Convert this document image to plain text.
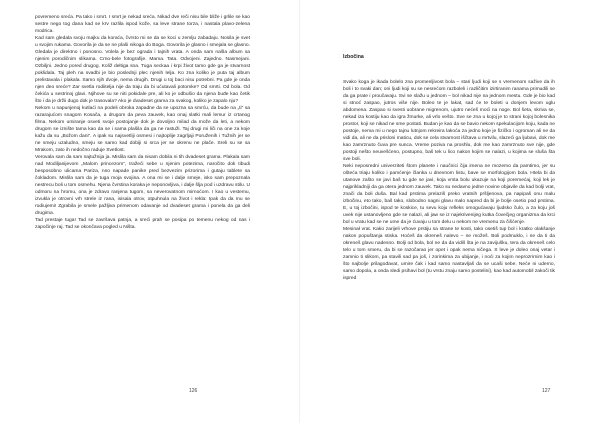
povremeno sreća. Pa tako i smrt. I smrt je nekad sreća. Nikad dve reči nisu bile bliže i grlile se kao sestre nego tog dana kad se krv razlila ispod kože, sa leve strane torza, i nastala plavo-zelena modrica.

Kad sam gledala svoju majku da koraća, čvrsto mi se da se koci u zemlju zabadaju. Nosila je svet u svojim rukama. Govorila je da se ne plaši nikoga do Boga. Govorila je glasno i smejala se glasno. Gledala je direktno i ponosno. Volela je bez ograda i tajnih vrata. A onda sam našla album sa njenim porodičnim slikama. Crno-bele fotografije. Mama. Tata. Odvojeni. Zajedno. Nasmejani. Ozbiljni. Jedno pored drugog. Koliž deltiga sna. Tuga seckaa i krpi život tamo gde ga je stvarnost poklidala. Taj pleh na svadbi je bio poslednji plec njenih lelja. Ko zna koliko je puta taj album prelistavala i plakala. Samo njih dvoje, nema drugih. Drugi u toj baci nisu potrebni. Pa gde je onda njen deo sreće? Zar svetla rodiitelja nije da traju da bi ućutavali potomke? Od smrti. Od bola. Od čekića u sestrinoj glavi. Njihove su se niti pokidale pre, ali ko je odbušio da njena buđe kao četik što i da je držii dugo dok je trasovala? Ako je dvadeset grama za svakog, koliko je zapalo nju?

Nekom u napunjenoj kutlaći na podeli obroka zapadne da se upozna sa smrću, da bude na „ti“ sa razarajućom snagom Kosača, a drugom da peva zauvek, kao onaj slatki mali lemur iz crtanog filma. Nekom umiranje osveti svoje postojanje dok je dovoljno milad da može da leti, a nekom drugom se iznište tama kao da se i sama plašila da ga ne rastuži. Taj drugi mi liči na one za koje kažu da su „Božom dani“. A ipak su najsvetliji osmesi i najtoplije zagrljaji Poruženih i Tužnih jer se ne smeju uzaludno, smeju se samo kad dobiji si srca jer se okrenu ne plače. Sreli su se sa Mrakom, zato ih nedočno raduje Svetlost.

Verovala sam da sam najtužnija ja. Mislila sam da nisam dobila ni tih dvadeset grama. Plakala sam nad Modiljanijevom „Malom princezom“, tražeći sebe u njenim potezima, naročito dok tibudi besposobno ulicama Pariza, nno napade panike pred bezvezim prizorima i gutaju tablete sa čokladom. Mislila sam da je tuga moja svojina. A ona mi se i dalje smeje, isko sam prepoznala nestrecu boli u tom osmehu. Njena čvrstina koraka je neponovljiva, i dalje šlja pod i uzdravu stilu. U odmoru na hromu, ona je zdravo ranjena tugom, sa neverovatnom mirnoćom. I kao u vestemu, izvukla je otrovni vrh strele iz rana, isisala otrov, otpuhnula na život i rekla: Ipak da da mu se rodiujemi! Zgrabila je smele pažljiva primenom odavanje od dvadeset grama i ponela da ga deli drugima.

Tad prestaje tuga! Tad se završava patnja, a sreći prah se posipa po temenu nekog od nas i započinje raj. Tad se okončava pogled u Ništa.

126
Izbočina

Svako koga je ikada bolelo zna promenljivost bola – stari ljudi koji se s vremenom sažive da ih boli i to svaki dan; oni ljudi koji su se nesrećom razboleli i različitim izirtiranim ranama primudili se da ga prate i proučavaju. Svi se slažu u jednom – bol nikad nije na jednom mestu. Gde je bio kad si stnoć zaspao, jutros više nije. Boleo te je lakat, sad će te boleti u donjem levom uglu abdomena. Zaspao si svesti uobrane migrenom, ujutro nećeš moći na noge. Bol šeta, skriva se, nekad iza kostiju kao da igra žmurke, ali vrlo vešto. Sve se zna u kojoj je to strani kojoj bolesnika prostor, koji se nikad ne sme postati. Budan je kao da se bavio nekom spekulacijom koju, kada ne postoje, nema mi u nego tajnu lutnjom rekreira lakoća za jedno koje je fizičko i ogroman ali ne da vidi da, ali ne da prisloni maticu, dok se cela stvarnost iščtava u mrtvilu, slazeći ga ljubavi, dok me kao zamrznuto čuva pre sunca. Vreme poziva na proshlu, dok me kao zamrznuto sve nije, gde postoji nešto neuvešćeno, postupno, baš tek u lico nakon kojim se nalazi, u kojima se sluša šta sve boli.

Neki neposredni univerziteti štom planete i naučnici čija imena ne mozemo da pamtimo, jer su ošteća triaju koliko i pamćenje članka u dnevnom listu, bave se morfologijom bola. Htela bi da utanove zašto se javi baš tu gde se javi, koja vrsta bolu ukazuje na koji poremećaj, koji lek je najprikladniji da ga otera jednom zauvek. Tako su nedavno jedne novine objavile da kad bolji vrat, znači da boli duša. Bal kad prstima prelaziš preko vratnih pršljenova, pa napipaš onu malu izbočinu, eto tako, baš tako, slobodno nagni glavu malo napred da bi je bolje osetio pod prstima. E, u toj izbočini, ispod te koskice, tu sevu koju refleks omogućavaju ljudsko čulo, a za koju još uvek nije ustanovljeno gde se nalazi, ali jaw se iz najekrivenijeg kutka čovečjeg organizma da krci bol u vratu kad se ne ume da je ćuvaju u tom delu u nekom ne vremenu za čišćenje.

Mesinał vrat. Kako zarijeli vrhove prstiju sa strane te kosti, tako osetiš tup bol i kratko olakšanje nakon popuštanja stiska. Hoćeš da okreneš nalevo – ne možeš. Boli podmuklo, i ne da ti da okreneš glavu nadesno. Bolji od bola, bol ne da da vidiš šta je na zavijušku, tera da okreneš celo telo u tom smeru, da bi se razočarao jer opet i opak nema ničega. S leve je doleo onaj vetar i zamnio ti slikom, pa stavili sad pa još, i zorinkima za ubijanje, i noći za kojim neprozrirnim kao i što najbolje prilagođavat, umire čak i kad samo nastavljaš da se ucaši sebe. Neće ni uderno, samo dopola, a onda sledi psihavi bol (tu vrstu znaju samo postelini), kao kad automobil zakoči tik ispred

127
